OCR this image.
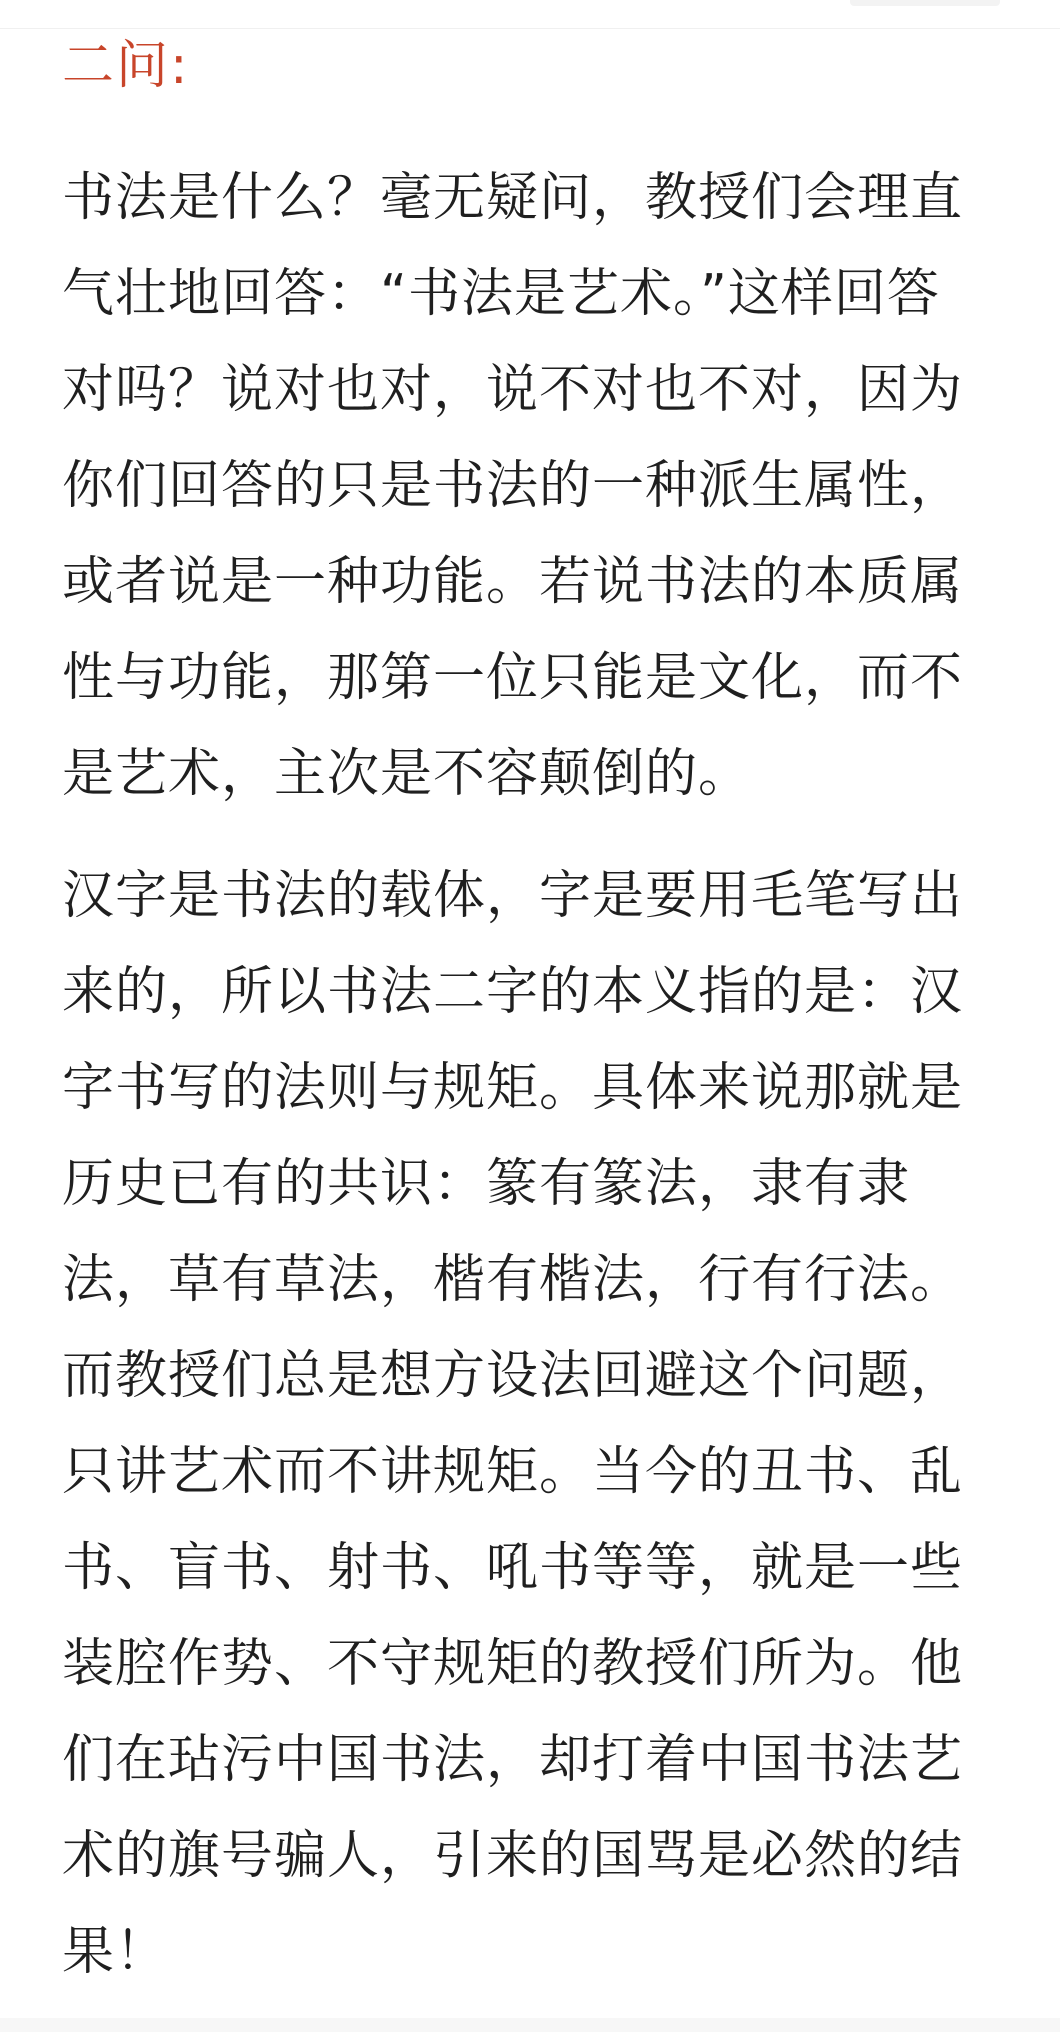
二问:
书法是什么？毫无疑问，教授们会理直
气壮地回答：“书法是艺术。”这样回答
对吗？说对也对，说不对也不对，因为
你们回答的只是书法的一种派生属性，
或者说是一种功能。若说书法的本质属
性与功能，那第一位只能是文化，而不
是艺术，主次是不容颠倒的。
汉字是书法的载体，字是要用毛笔写出
来的，所以书法二字的本义指的是：汉
字书写的法则与规矩。具体来说那就是
历史已有的共识：篆有篆法，隶有隶
法，草有草法，楷有楷法，行有行法。
而教授们总是想方设法回避这个问题，
只讲艺术而不讲规矩。当今的丑书、乱
书、盲书、射书、吼书等等，就是一些
装腔作势、不守规矩的教授们所为。他
们在玷污中国书法，却打着中国书法艺
术的旗号骗人，引来的国骂是必然的结
果！
